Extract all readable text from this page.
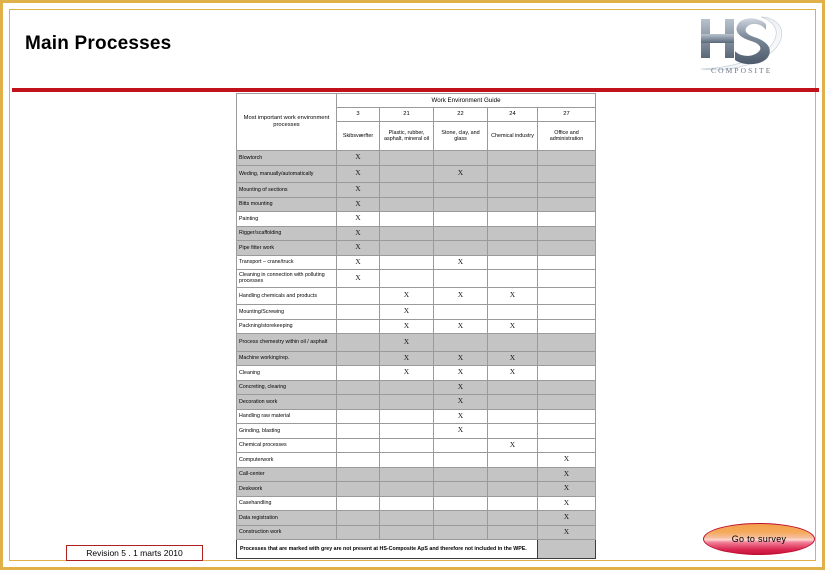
Main Processes
COMPOSITE
Most important work environment processes	Work Environment Guide				
	3	21	22	24	27
	Skibsværfter	Plastic, rubber, asphalt, mineral oil	Stone, clay, and glass	Chemical industry	Office and administration
Blowtorch	X				
Weding, manually/automatically	X		X		
Mounting of sections	X				
Bitts mounting	X				
Painting	X				
Rigger/scaffolding	X				
Pipe fitter work	X				
Transport – crane/truck	X		X		
Cleaning in connection with polluting processes	X				
Handling chemicals and products		X	X	X	
Mounting/Screwing		X			
Packning/storekeeping		X	X	X	
Process chemestry within oil / asphalt		X			
Machine working/rep.		X	X	X	
Cleaning		X	X	X	
Concreting, clearing			X		
Decoration work			X		
Handling raw material			X		
Grinding, blasting			X		
Chemical processes				X	
Computerwork					X
Call-center					X
Deskwork					X
Casehandling					X
Data registration					X
Construction work					X
Processes that are marked with grey are not present at HS-Composite ApS and therefore not included in the WPE.					
Revision 5 . 1 marts 2010
Go to survey
